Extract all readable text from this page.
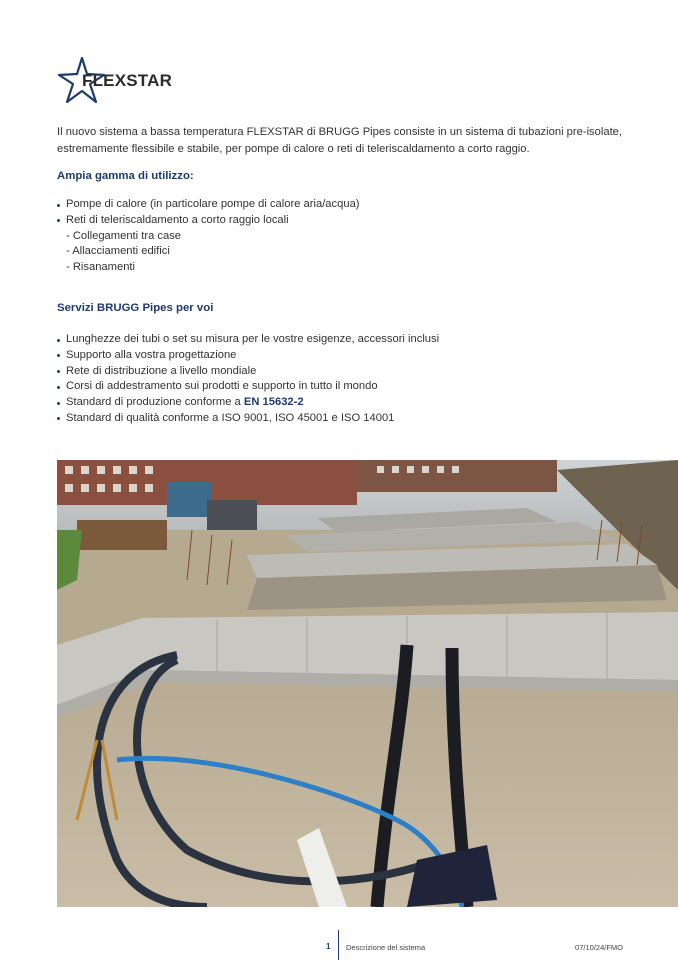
FLEXSTAR

Il nuovo sistema a bassa temperatura FLEXSTAR di BRUGG Pipes consiste in un sistema di tubazioni pre-isolate, estremamente flessibile e stabile, per pompe di calore o reti di teleriscaldamento a corto raggio.

Ampia gamma di utilizzo:
Pompe di calore (in particolare pompe di calore aria/acqua)
Reti di teleriscaldamento a corto raggio locali
- Collegamenti tra case
- Allacciamenti edifici
- Risanamenti
Servizi BRUGG Pipes per voi
Lunghezze dei tubi o set su misura per le vostre esigenze, accessori inclusi
Supporto alla vostra progettazione
Rete di distribuzione a livello mondiale
Corsi di addestramento sui prodotti e supporto in tutto il mondo
Standard di produzione conforme a EN 15632-2
Standard di qualità conforme a ISO 9001, ISO 45001 e ISO 14001
1 Descrizione del sistema	07/10/24/FMO
